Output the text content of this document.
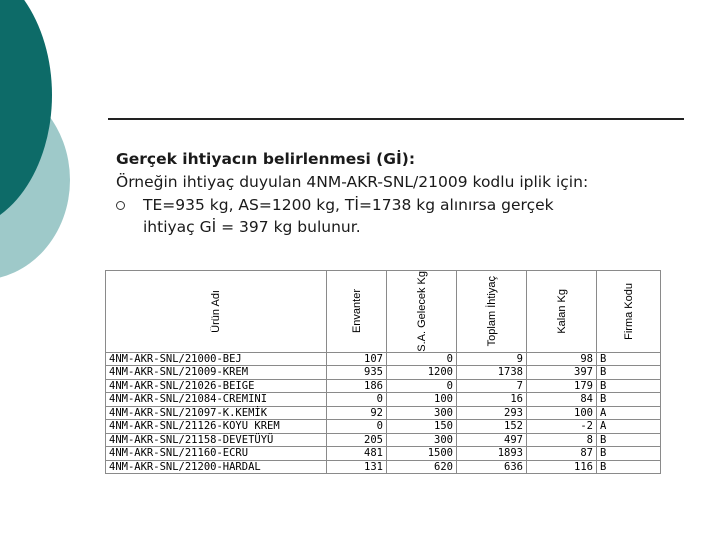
Gerçek ihtiyacın belirlenmesi (Gİ):

Örneğin ihtiyaç duyulan 4NM-AKR-SNL/21009 kodlu iplik için:

TE=935 kg, AS=1200 kg, Tİ=1738 kg alınırsa gerçek
ihtiyaç Gİ = 397 kg bulunur.
Ürün Adı	Envanter	S.A. Gelecek Kg	Toplam İhtiyaç	Kalan Kg	Firma Kodu

4NM-AKR-SNL/21000-BEJ	107	0	9	98	B
4NM-AKR-SNL/21009-KREM	935	1200	1738	397	B
4NM-AKR-SNL/21026-BEIGE	186	0	7	179	B
4NM-AKR-SNL/21084-CREMINI	0	100	16	84	B
4NM-AKR-SNL/21097-K.KEMİK	92	300	293	100	A
4NM-AKR-SNL/21126-KOYU KREM	0	150	152	-2	A
4NM-AKR-SNL/21158-DEVETÜYÜ	205	300	497	8	B
4NM-AKR-SNL/21160-ECRU	481	1500	1893	87	B
4NM-AKR-SNL/21200-HARDAL	131	620	636	116	B
